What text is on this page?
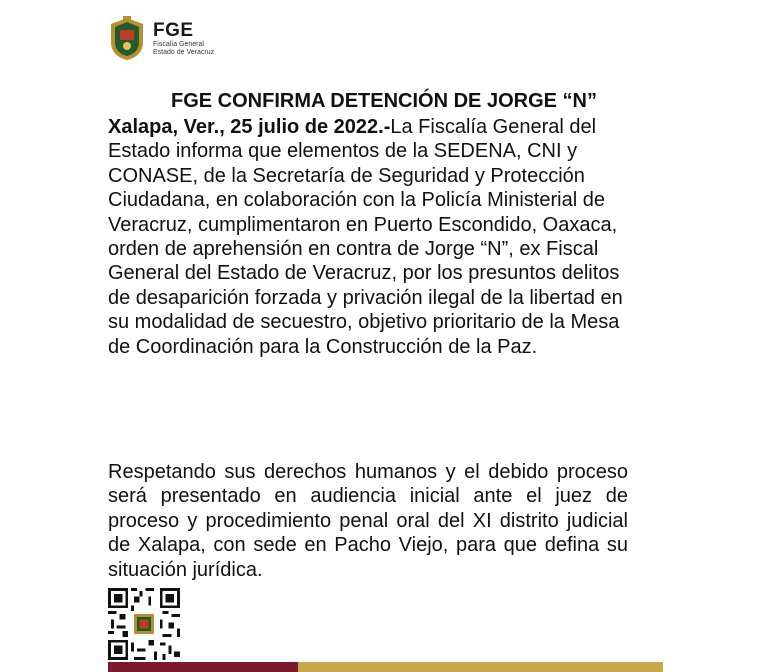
FGE
Fiscalía General
Estado de Veracruz
FGE CONFIRMA DETENCIÓN DE JORGE “N”

Xalapa, Ver., 25 julio de 2022.-La Fiscalía General del Estado informa que elementos de la SEDENA, CNI y CONASE, de la Secretaría de Seguridad y Protección Ciudadana, en colaboración con la Policía Ministerial de Veracruz, cumplimentaron en Puerto Escondido, Oaxaca, orden de aprehensión en contra de Jorge “N”, ex Fiscal General del Estado de Veracruz, por los presuntos delitos de desaparición forzada y privación ilegal de la libertad en su modalidad de secuestro, objetivo prioritario de la Mesa de Coordinación para la Construcción de la Paz.

Respetando sus derechos humanos y el debido proceso será presentado en audiencia inicial ante el juez de proceso y procedimiento penal oral del XI distrito judicial de Xalapa, con sede en Pacho Viejo, para que defina su situación jurídica.
